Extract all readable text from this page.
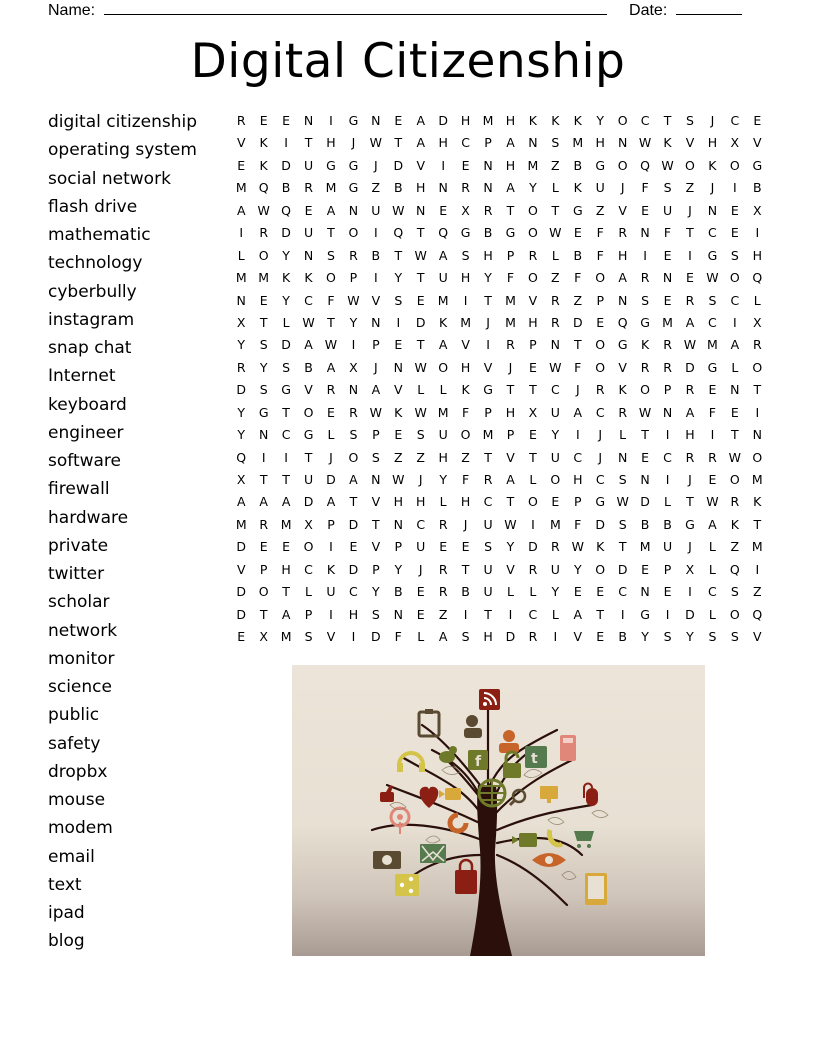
Name:	Date:
Digital Citizenship
digital citizenship
operating system
social network
flash drive
mathematic
technology
cyberbully
instagram
snap chat
Internet
keyboard
engineer
software
firewall
hardware
private
twitter
scholar
network
monitor
science
public
safety
dropbx
mouse
modem
email
text
ipad
blog
R	E	E	N	I	G	N	E	A	D	H M H	K	K	K	Y	O	C	T	S	J	C	E
V	K	I	T	H	J	W T	A	H	C	P	A	N	S	M H	N W K	V	H	X	V
E	K	D	U	G	G	J	D	V	I	E	N	H M	Z	B	G	O	Q W O	K	O	G
M Q	B	R	M G	Z	B	H	N	R	N	A	Y	L	K	U	J	F	S	Z	J	I	B
A W Q	E	A	N	U W N	E	X	R	T	O	T	G	Z	V	E	U	J	N	E	X
I	R	D	U	T	O	I	Q	T	Q	G	B	G	O W E	F	R	N	F	T	C	E	I
L	O	Y	N	S	R	B	T W A	S	H	P	R	L	B	F	H	I	E	I	G	S	H
M M	K	K	O	P	I	Y	T	U	H	Y	F	O	Z	F	O	A	R	N	E W O	Q
N	E	Y	C	F	W V	S	E	M	I	T	M	V	R	Z	P	N	S	E	R	S	C	L
X	T	L	W T	Y	N	I	D	K	M	J	M H	R	D	E	Q	G M	A	C	I	X
Y	S	D	A W	I	P	E	T	A	V	I	R	P	N	T	O	G	K	R W M	A	R
R	Y	S	B	A	X	J	N W O	H	V	J	E W	F	O	V	R	R	D	G	L	O
D	S	G	V	R	N	A	V	L	L	K	G	T	T	C	J	R	K	O	P	R	E	N	T
Y	G	T	O	E	R W K W M	F	P	H	X	U	A	C	R W N	A	F	E	I
Y	N	C	G	L	S	P	E	S	U	O M	P	E	Y	I	J	L	T	I	H	I	T	N
Q	I	I	T	J	O	S	Z	Z	H	Z	T	V	T	U	C	J	N	E	C	R	R W O
X	T	T	U	D	A	N W	J	Y	F	R	A	L	O	H	C	S	N	I	J	E	O M
A	A	A	D	A	T	V	H	H	L	H	C	T	O	E	P	G W D	L	T W R	K
M	R	M	X	P	D	T	N	C	R	J	U W	I	M	F	D	S	B	B	G	A	K	T
D	E	E	O	I	E	V	P	U	E	E	S	Y	D	R W K	T	M U	J	L	Z	M
V	P	H	C	K	D	P	Y	J	R	T	U	V	R	U	Y	O	D	E	P	X	L	Q	I
D	O	T	L	U	C	Y	B	E	R	B	U	L	L	Y	E	E	C	N	E	I	C	S	Z
D	T	A	P	I	H	S	N	E	Z	I	T	I	C	L	A	T	I	G	I	D	L	O	Q
E	X	M	S	V	I	D	F	L	A	S	H	D	R	I	V	E	B	Y	S	Y	S	S	V
f	t
